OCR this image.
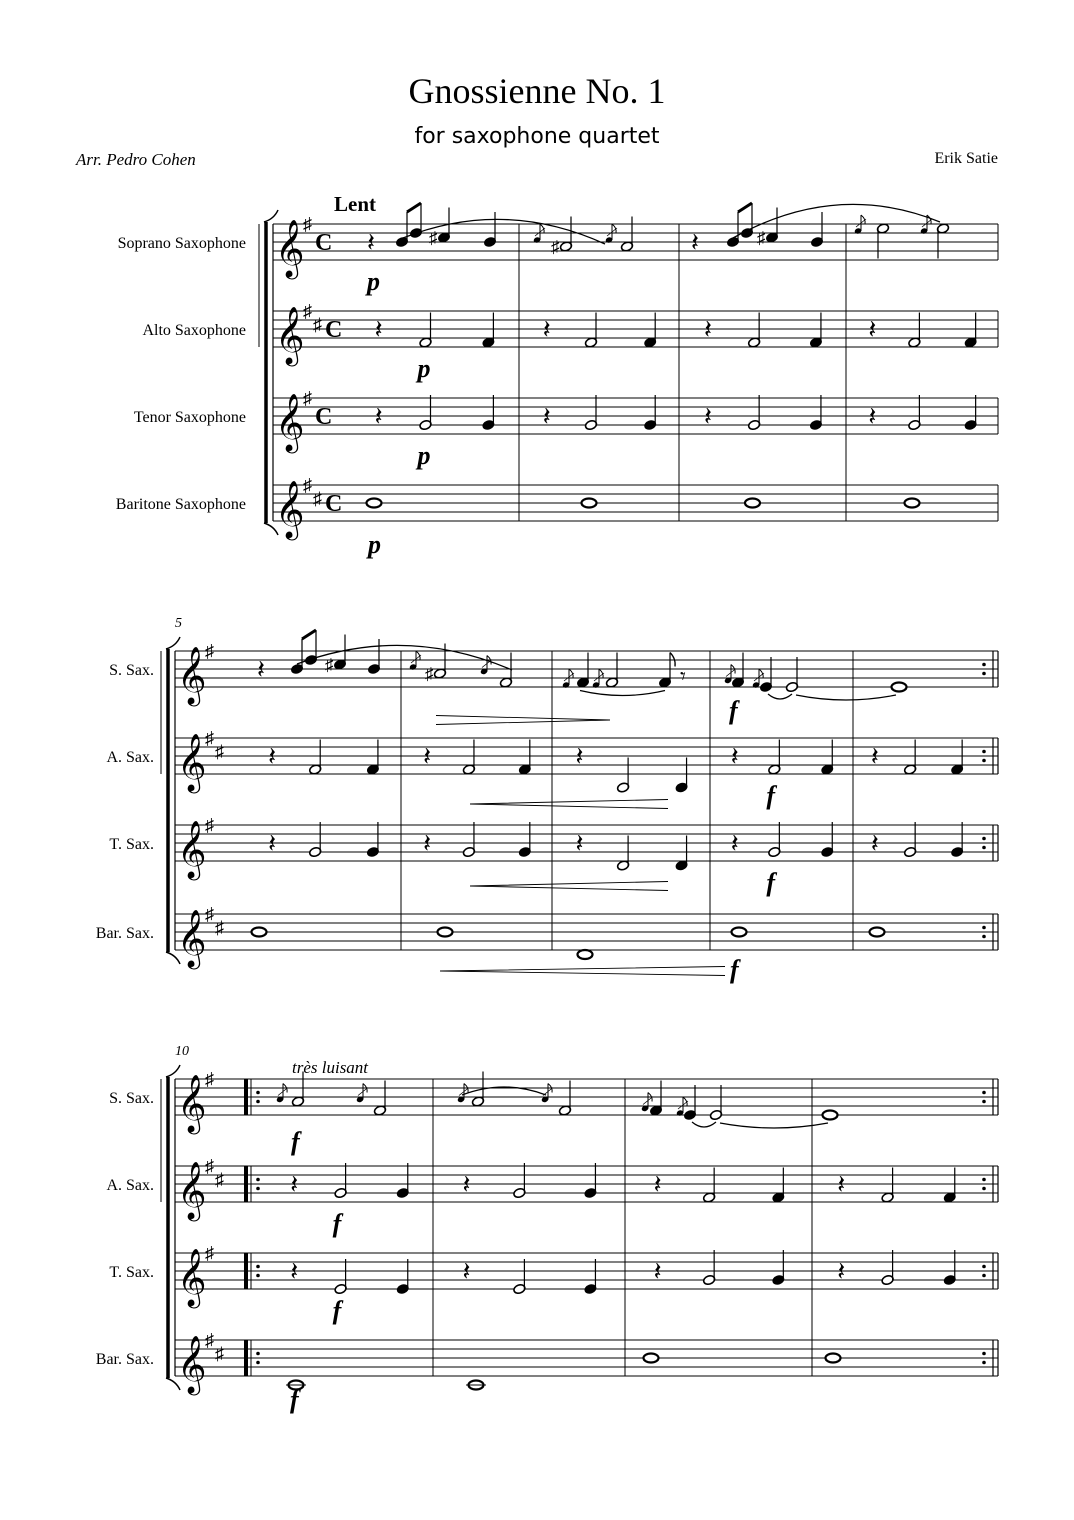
Gnossienne No. 1
for saxophone quartet
Arr. Pedro Cohen	Erik Satie
𝄞
♯
C
Soprano Saxophone
𝄞
♯
♯ C
Alto Saxophone
𝄞
♯
C
Tenor Saxophone
𝄞
♯
♯ C
Baritone Saxophone
5
𝄞
♯
S. Sax.
𝄞
♯
♯
A. Sax.
𝄞
♯
T. Sax.
𝄞
♯
♯
Bar. Sax.
10
𝄞
♯
S. Sax.
𝄞
♯
♯
A. Sax.
𝄞
♯
T. Sax.
𝄞
♯
♯
Bar. Sax.
Lent
𝄽	♯
p
♯	𝄽	♯
𝄽
p
𝄽
p
𝄽
𝄽
𝄽
𝄽
𝄽
𝄽
p
𝄽	♯	♯	𝄾
f
𝄽	𝄽	𝄽	𝄽
f
𝄽
𝄽	𝄽	𝄽	𝄽
f
𝄽
f
très luisant
f
𝄽
f
𝄽	𝄽	𝄽
𝄽
f
𝄽	𝄽	𝄽
f
